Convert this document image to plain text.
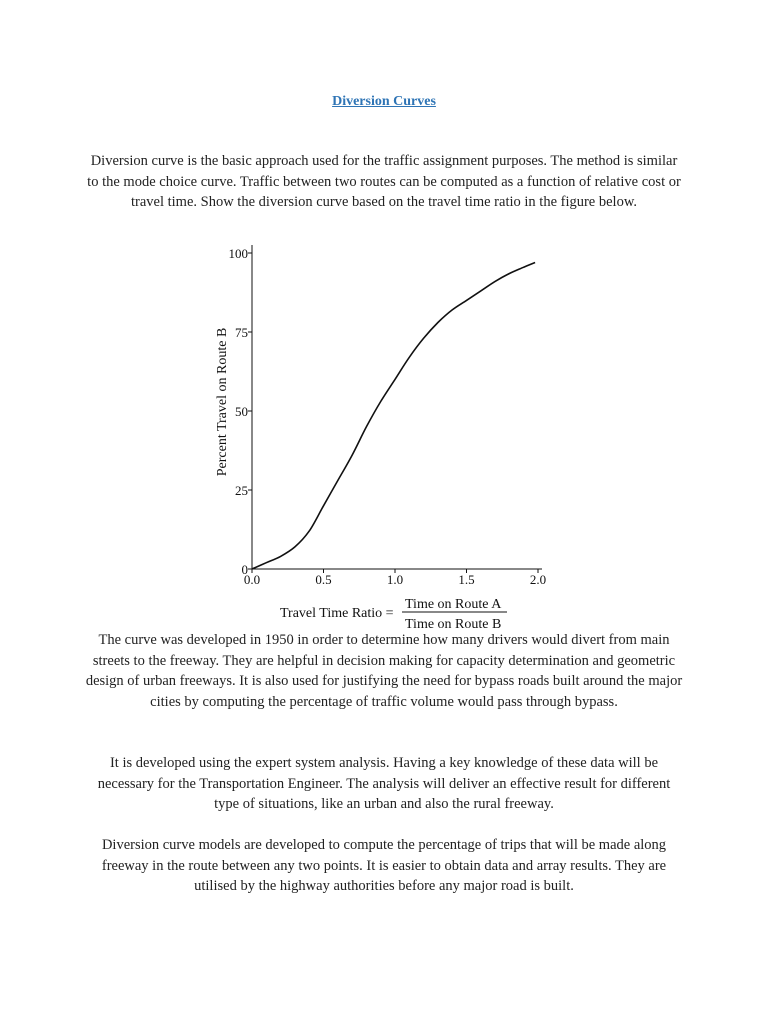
Diversion Curves

Diversion curve is the basic approach used for the traffic assignment purposes. The method is similar to the mode choice curve. Traffic between two routes can be computed as a function of relative cost or travel time. Show the diversion curve based on the travel time ratio in the figure below.

0
25
50
75
100
0.0	0.5	1.0	1.5	2.0
Percent Travel on Route B
Travel Time Ratio =
Time on Route A
Time on Route B

The curve was developed in 1950 in order to determine how many drivers would divert from main streets to the freeway. They are helpful in decision making for capacity determination and geometric design of urban freeways. It is also used for justifying the need for bypass roads built around the major cities by computing the percentage of traffic volume would pass through bypass.

It is developed using the expert system analysis. Having a key knowledge of these data will be necessary for the Transportation Engineer. The analysis will deliver an effective result for different type of situations, like an urban and also the rural freeway.

Diversion curve models are developed to compute the percentage of trips that will be made along freeway in the route between any two points. It is easier to obtain data and array results. They are utilised by the highway authorities before any major road is built.
